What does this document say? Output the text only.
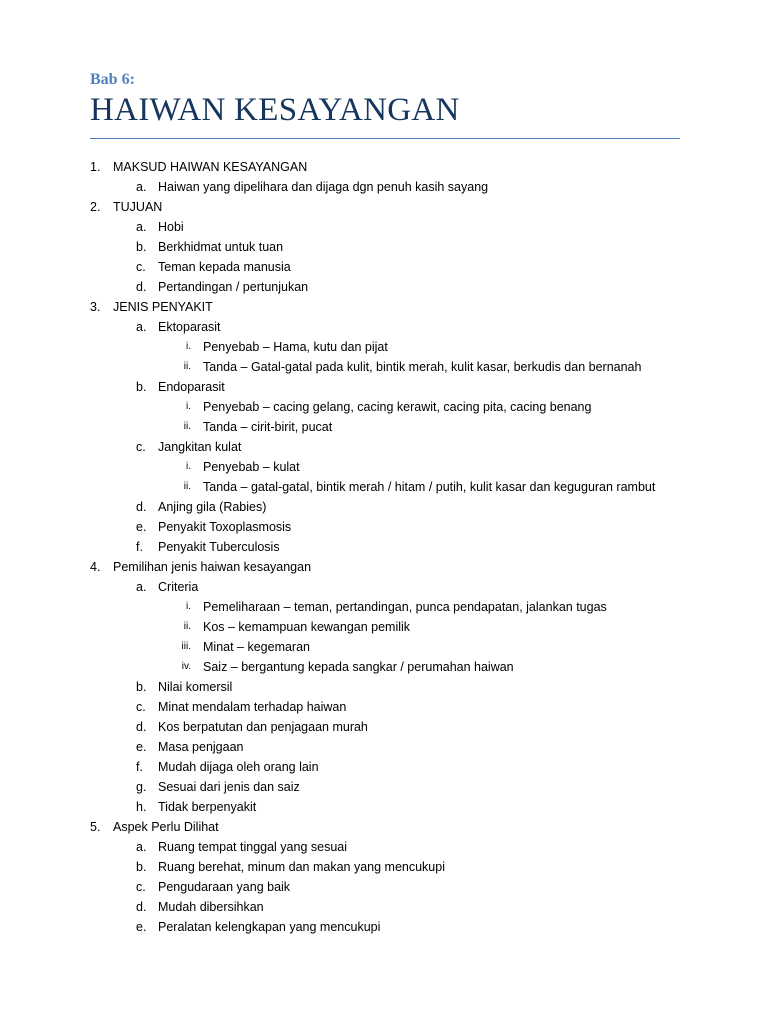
Bab 6:
HAIWAN KESAYANGAN
1. MAKSUD HAIWAN KESAYANGAN
a. Haiwan yang dipelihara dan dijaga dgn penuh kasih sayang
2. TUJUAN
a. Hobi
b. Berkhidmat untuk tuan
c. Teman kepada manusia
d. Pertandingan / pertunjukan
3. JENIS PENYAKIT
a. Ektoparasit
i. Penyebab – Hama, kutu dan pijat
ii. Tanda – Gatal-gatal pada kulit, bintik merah, kulit kasar, berkudis dan bernanah
b. Endoparasit
i. Penyebab – cacing gelang, cacing kerawit, cacing pita, cacing benang
ii. Tanda – cirit-birit, pucat
c. Jangkitan kulat
i. Penyebab – kulat
ii. Tanda – gatal-gatal, bintik merah / hitam / putih, kulit kasar dan keguguran rambut
d. Anjing gila (Rabies)
e. Penyakit Toxoplasmosis
f. Penyakit Tuberculosis
4. Pemilihan jenis haiwan kesayangan
a. Criteria
i. Pemeliharaan – teman, pertandingan, punca pendapatan, jalankan tugas
ii. Kos – kemampuan kewangan pemilik
iii. Minat – kegemaran
iv. Saiz – bergantung kepada sangkar / perumahan haiwan
b. Nilai komersil
c. Minat mendalam terhadap haiwan
d. Kos berpatutan dan penjagaan murah
e. Masa penjgaan
f. Mudah dijaga oleh orang lain
g. Sesuai dari jenis dan saiz
h. Tidak berpenyakit
5. Aspek Perlu Dilihat
a. Ruang tempat tinggal yang sesuai
b. Ruang berehat, minum dan makan yang mencukupi
c. Pengudaraan yang baik
d. Mudah dibersihkan
e. Peralatan kelengkapan yang mencukupi
